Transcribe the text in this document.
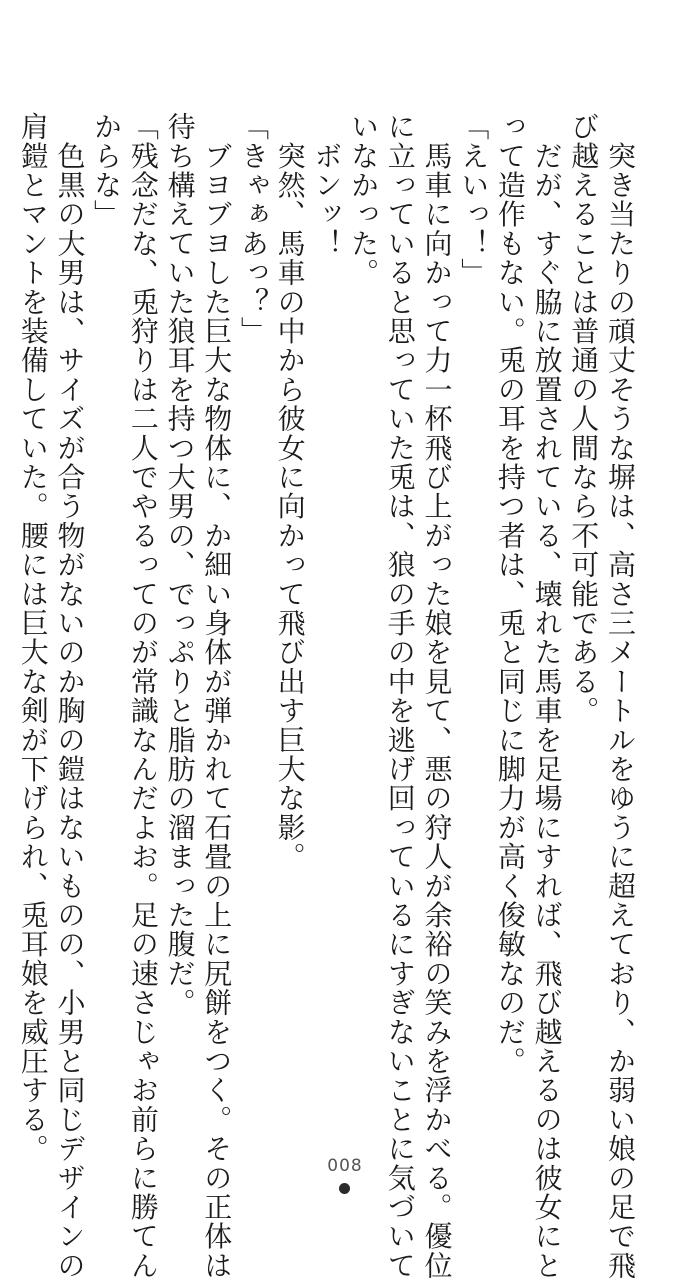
　突き当たりの頑丈そうな塀は、高さ三メートルをゆうに超えており、か弱い娘の足で飛

び越えることは普通の人間なら不可能である。

　だが、すぐ脇に放置されている、壊れた馬車を足場にすれば、飛び越えるのは彼女にと

って造作もない。兎の耳を持つ者は、兎と同じに脚力が高く俊敏なのだ。

「えいっ！」

　馬車に向かって力一杯飛び上がった娘を見て、悪の狩人が余裕の笑みを浮かべる。優位

に立っていると思っていた兎は、狼の手の中を逃げ回っているにすぎないことに気づいて

いなかった。

　ボンッ！

　突然、馬車の中から彼女に向かって飛び出す巨大な影。

「きゃぁあっ？」

　ブヨブヨした巨大な物体に、か細い身体が弾かれて石畳の上に尻餅をつく。その正体は

待ち構えていた狼耳を持つ大男の、でっぷりと脂肪の溜まった腹だ。

「残念だな、兎狩りは二人でやるってのが常識なんだよお。足の速さじゃお前らに勝てん

からな」

　色黒の大男は、サイズが合う物がないのか胸の鎧はないものの、小男と同じデザインの

肩鎧とマントを装備していた。腰には巨大な剣が下げられ、兎耳娘を威圧する。

008
